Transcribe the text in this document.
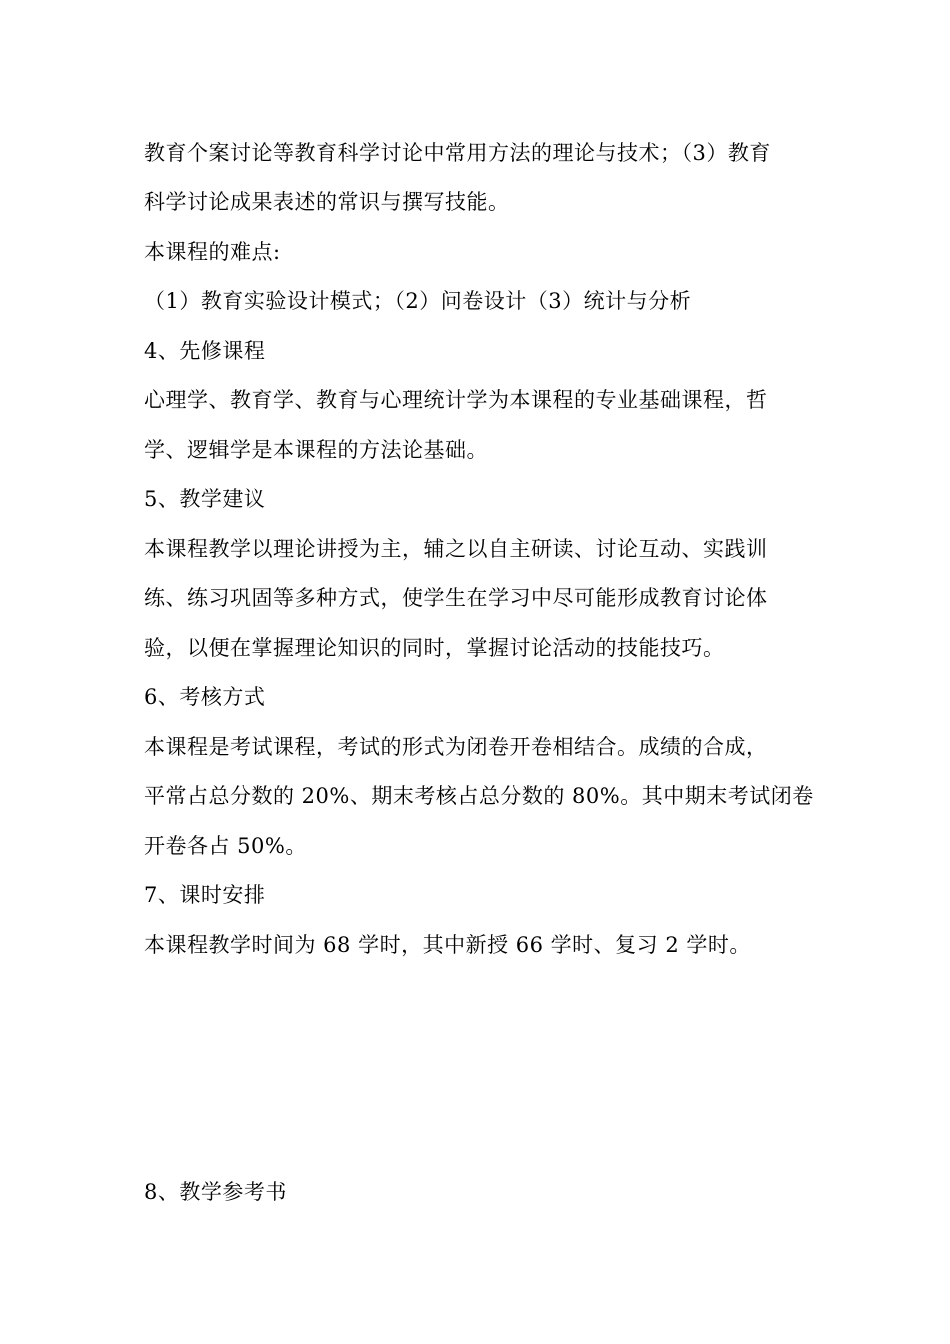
教育个案讨论等教育科学讨论中常用方法的理论与技术；（3）教育
科学讨论成果表述的常识与撰写技能。
本课程的难点:
（1）教育实验设计模式；（2）问卷设计（3）统计与分析
4、先修课程
心理学、教育学、教育与心理统计学为本课程的专业基础课程，哲
学、逻辑学是本课程的方法论基础。
5、教学建议
本课程教学以理论讲授为主，辅之以自主研读、讨论互动、实践训
练、练习巩固等多种方式，使学生在学习中尽可能形成教育讨论体
验，以便在掌握理论知识的同时，掌握讨论活动的技能技巧。
6、考核方式
本课程是考试课程，考试的形式为闭卷开卷相结合。成绩的合成，
平常占总分数的 20%、期末考核占总分数的 80%。其中期末考试闭卷
开卷各占 50%。
7、课时安排
本课程教学时间为 68 学时，其中新授 66 学时、复习 2 学时。
8、教学参考书
